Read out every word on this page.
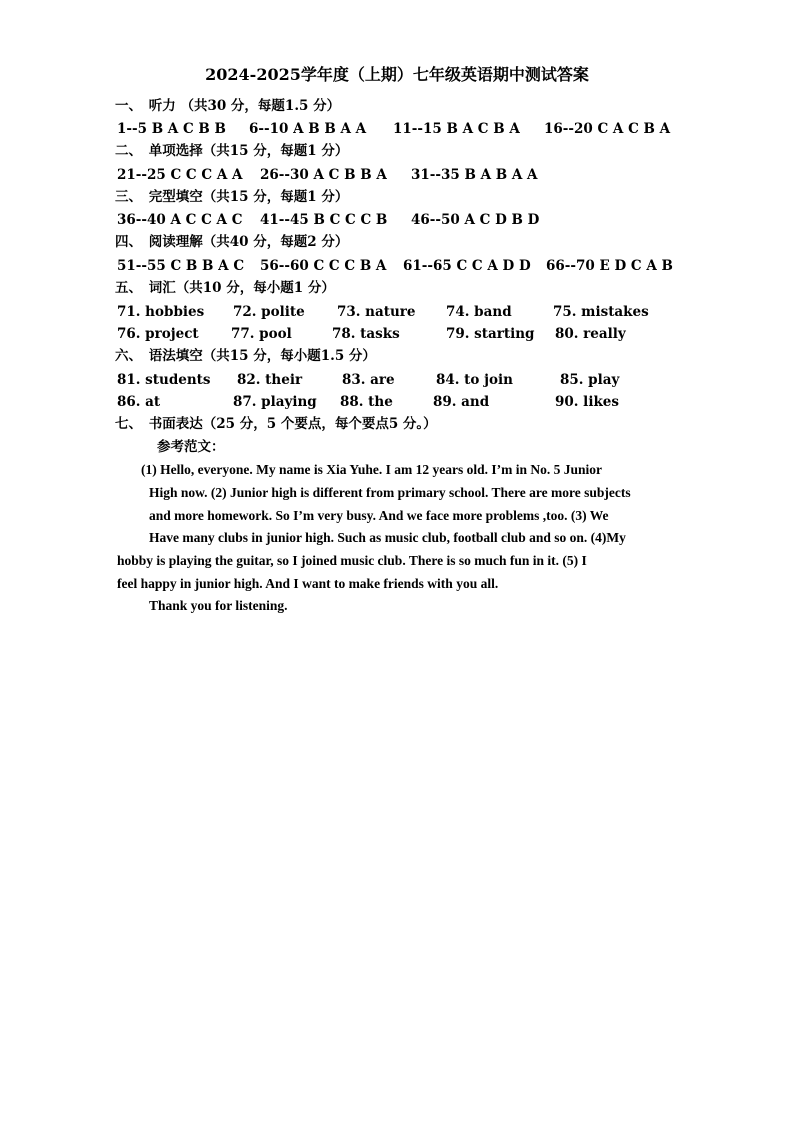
2024-2025学年度（上期）七年级英语期中测试答案
一、　听力 （共30 分，每题1.5 分）
1--5 B A C B B 6--10 A B B A A 11--15 B A C B A 16--20 C A C B A
二、　单项选择（共15 分，每题1 分）
21--25 C C C A A 26--30 A C B B A 31--35 B A B A A
三、　完型填空（共15 分，每题1 分）
36--40 A C C A C 41--45 B C C C B 46--50 A C D B D
四、　阅读理解（共40 分，每题2 分）
51--55 C B B A C 56--60 C C C B A 61--65 C C A D D 66--70 E D C A B
五、　词汇（共10 分，每小题1 分）
71. hobbies 72. polite 73. nature 74. band	75. mistakes
76. project 77. pool	78. tasks	79. starting 80. really
六、　语法填空（共15 分，每小题1.5 分）
81. students 82. their	83. are	84. to join	85. play
86. at	87. playing 88. the	89. and	90. likes
七、　书面表达（25 分，5 个要点，每个要点5 分。）
参考范文：
(1) Hello, everyone. My name is Xia Yuhe. I am 12 years old. I’m in No. 5 Junior
High now. (2) Junior high is different from primary school. There are more subjects
and more homework. So I’m very busy. And we face more problems ,too. (3) We
Have many clubs in junior high. Such as music club, football club and so on. (4)My
hobby is playing the guitar, so I joined music club. There is so much fun in it. (5) I
feel happy in junior high. And I want to make friends with you all.
Thank you for listening.
